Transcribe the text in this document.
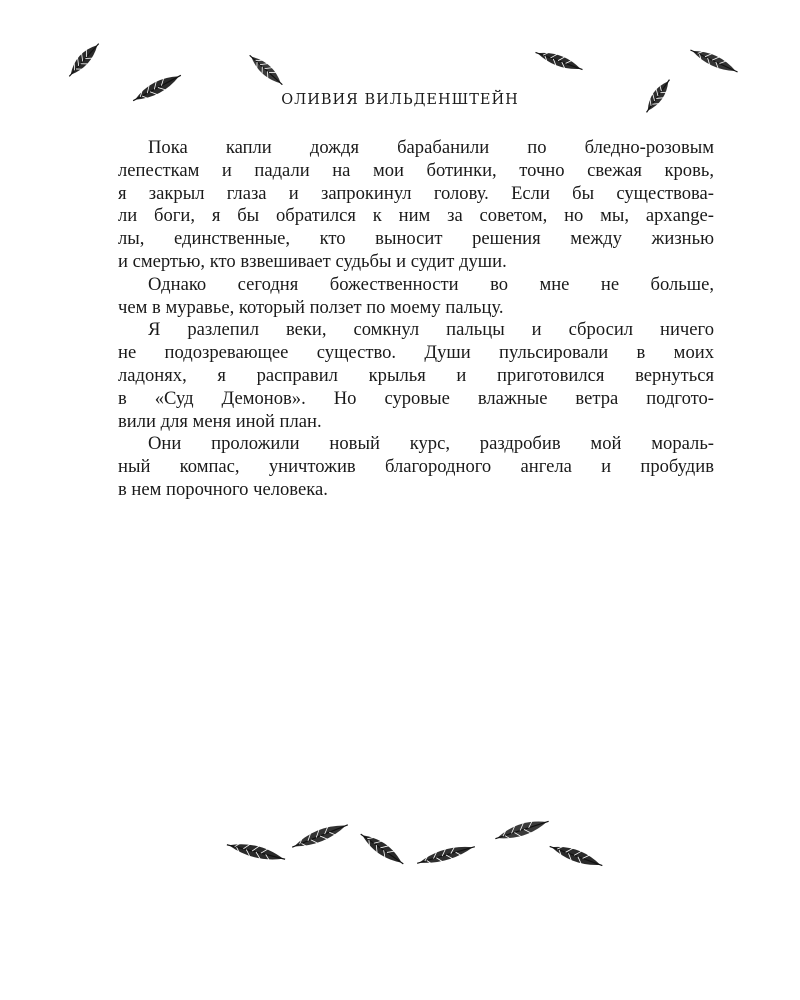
ОЛИВИЯ ВИЛЬДЕНШТЕЙН

Пока капли дождя барабанили по бледно-розовым
лепесткам и падали на мои ботинки, точно свежая кровь,
я закрыл глаза и запрокинул голову. Если бы существова-
ли боги, я бы обратился к ним за советом, но мы, архange-
лы, единственные, кто выносит решения между жизнью
и смертью, кто взвешивает судьбы и судит души.

Однако сегодня божественности во мне не больше,
чем в муравье, который ползет по моему пальцу.

Я разлепил веки, сомкнул пальцы и сбросил ничего
не подозревающее существо. Души пульсировали в моих
ладонях, я расправил крылья и приготовился вернуться
в «Суд Демонов». Но суровые влажные ветра подгото-
вили для меня иной план.

Они проложили новый курс, раздробив мой мораль-
ный компас, уничтожив благородного ангела и пробудив
в нем порочного человека.
